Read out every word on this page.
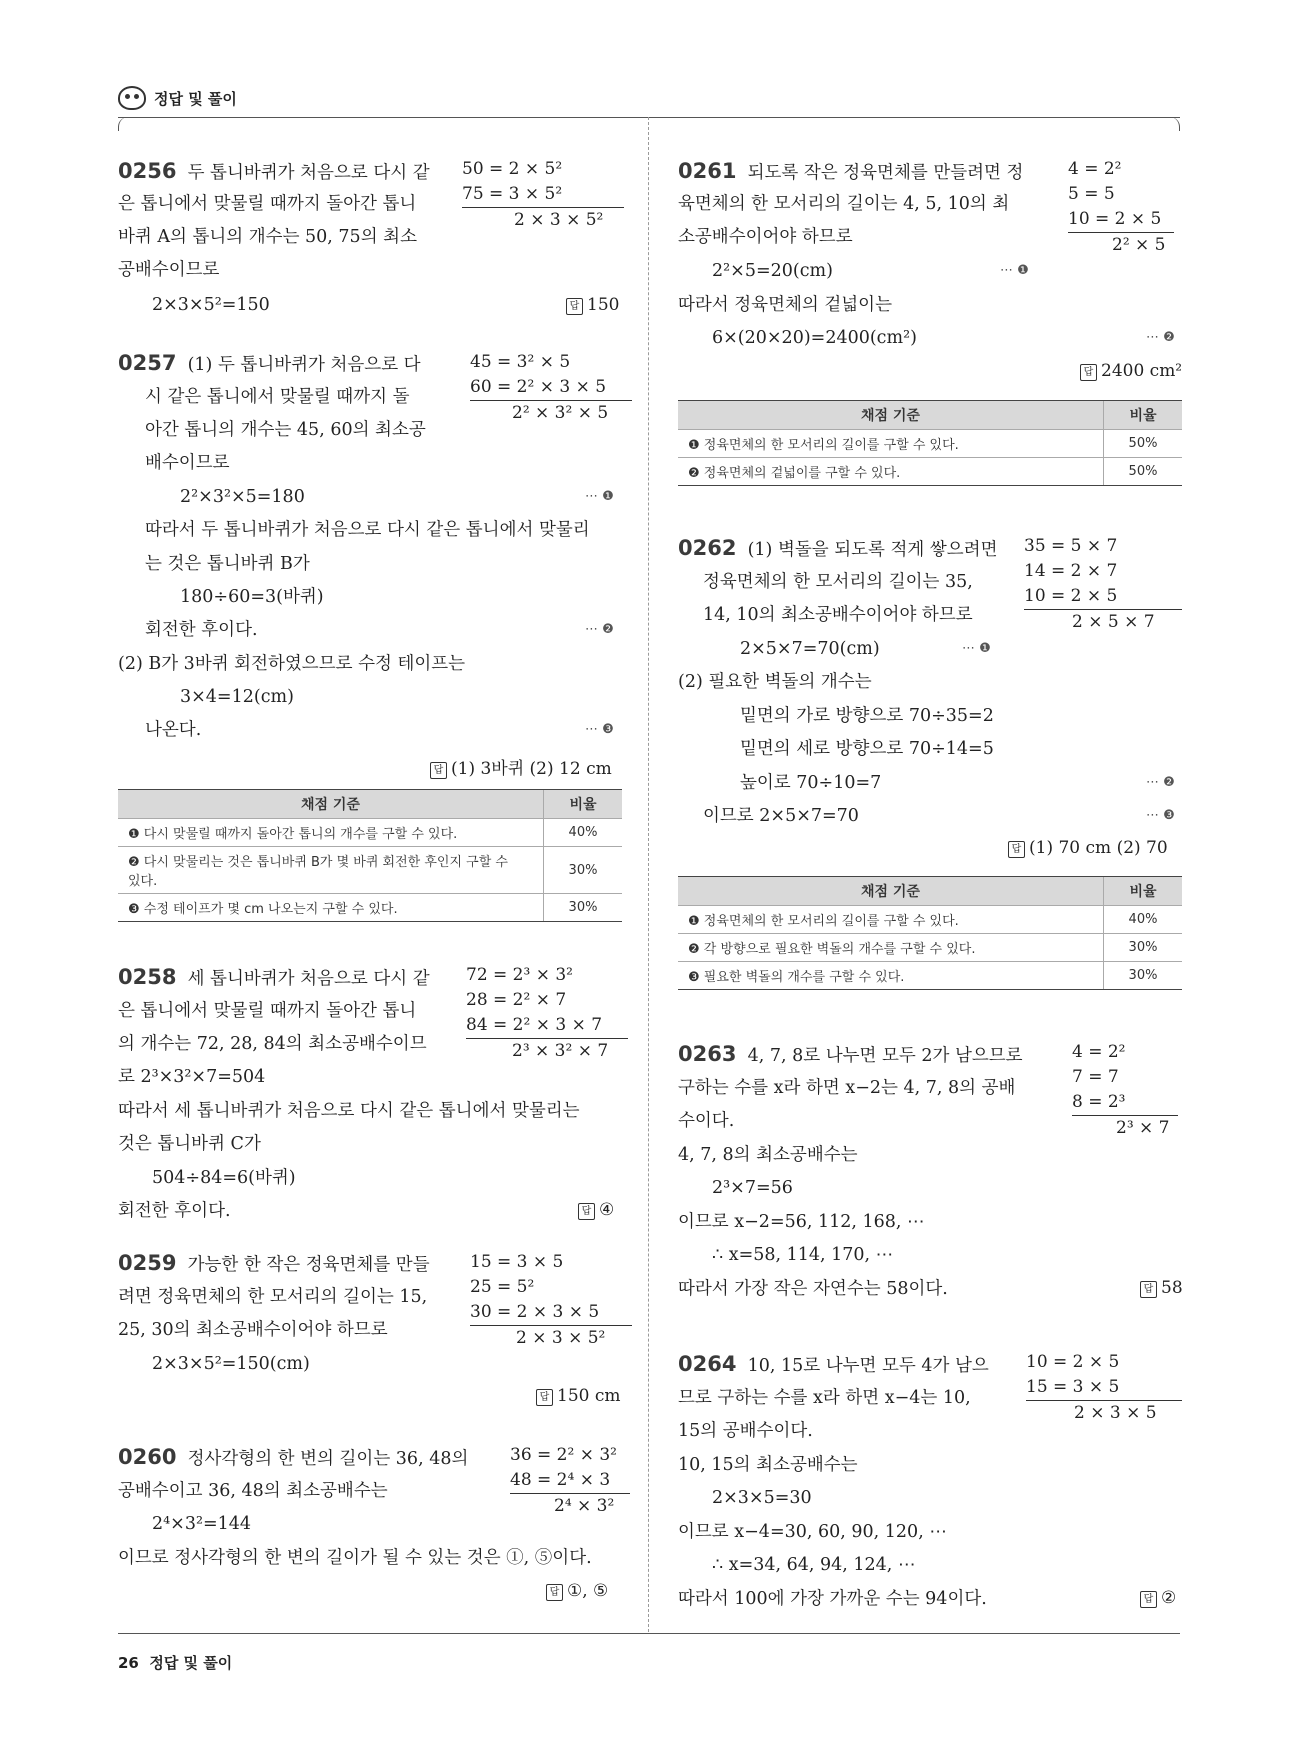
정답 및 풀이
0256 두 톱니바퀴가 처음으로 다시 같
은 톱니에서 맞물릴 때까지 돌아간 톱니
바퀴 A의 톱니의 개수는 50, 75의 최소
공배수이므로
2×3×5²=150	답 150
50 = 2 × 5²
75 = 3 × 5²
2 × 3 × 5²
0257 (1) 두 톱니바퀴가 처음으로 다
시 같은 톱니에서 맞물릴 때까지 돌
아간 톱니의 개수는 45, 60의 최소공
배수이므로
2²×3²×5=180	⋯ ❶
따라서 두 톱니바퀴가 처음으로 다시 같은 톱니에서 맞물리
는 것은 톱니바퀴 B가
180÷60=3(바퀴)
회전한 후이다.	⋯ ❷
(2) B가 3바퀴 회전하였으므로 수정 테이프는
3×4=12(cm)
나온다.	⋯ ❸
답 (1) 3바퀴 (2) 12 cm
45 = 3² × 5
60 = 2² × 3 × 5
2² × 3² × 5
채점 기준	비율
❶ 다시 맞물릴 때까지 돌아간 톱니의 개수를 구할 수 있다.	40%
❷ 다시 맞물리는 것은 톱니바퀴 B가 몇 바퀴 회전한 후인지 구할 수
있다.	30%
❸ 수정 테이프가 몇 cm 나오는지 구할 수 있다.	30%
0258 세 톱니바퀴가 처음으로 다시 같
은 톱니에서 맞물릴 때까지 돌아간 톱니
의 개수는 72, 28, 84의 최소공배수이므
로 2³×3²×7=504
따라서 세 톱니바퀴가 처음으로 다시 같은 톱니에서 맞물리는
것은 톱니바퀴 C가
504÷84=6(바퀴)
회전한 후이다.	답 ④
72 = 2³ × 3²
28 = 2² × 7
84 = 2² × 3 × 7
2³ × 3² × 7
0259 가능한 한 작은 정육면체를 만들
려면 정육면체의 한 모서리의 길이는 15,
25, 30의 최소공배수이어야 하므로
2×3×5²=150(cm)
답 150 cm
15 = 3 × 5
25 = 5²
30 = 2 × 3 × 5
2 × 3 × 5²
0260 정사각형의 한 변의 길이는 36, 48의
공배수이고 36, 48의 최소공배수는
2⁴×3²=144
이므로 정사각형의 한 변의 길이가 될 수 있는 것은 ①, ⑤이다.
답 ①, ⑤
36 = 2² × 3²
48 = 2⁴ × 3
2⁴ × 3²
0261 되도록 작은 정육면체를 만들려면 정
육면체의 한 모서리의 길이는 4, 5, 10의 최
소공배수이어야 하므로
2²×5=20(cm)	⋯ ❶
따라서 정육면체의 겉넓이는
6×(20×20)=2400(cm²)	⋯ ❷
답 2400 cm²
4 = 2²
5 = 5
10 = 2 × 5
2² × 5
채점 기준	비율
❶ 정육면체의 한 모서리의 길이를 구할 수 있다.	50%
❷ 정육면체의 겉넓이를 구할 수 있다.	50%
0262 (1) 벽돌을 되도록 적게 쌓으려면
정육면체의 한 모서리의 길이는 35,
14, 10의 최소공배수이어야 하므로
2×5×7=70(cm)	⋯ ❶
(2) 필요한 벽돌의 개수는
밑면의 가로 방향으로 70÷35=2
밑면의 세로 방향으로 70÷14=5
높이로 70÷10=7	⋯ ❷
이므로 2×5×7=70	⋯ ❸
답 (1) 70 cm (2) 70
35 = 5 × 7
14 = 2 × 7
10 = 2 × 5
2 × 5 × 7
채점 기준	비율
❶ 정육면체의 한 모서리의 길이를 구할 수 있다.	40%
❷ 각 방향으로 필요한 벽돌의 개수를 구할 수 있다.	30%
❸ 필요한 벽돌의 개수를 구할 수 있다.	30%
0263 4, 7, 8로 나누면 모두 2가 남으므로
구하는 수를 x라 하면 x−2는 4, 7, 8의 공배
수이다.
4, 7, 8의 최소공배수는
2³×7=56
이므로 x−2=56, 112, 168, ⋯
∴ x=58, 114, 170, ⋯
따라서 가장 작은 자연수는 58이다.	답 58
4 = 2²
7 = 7
8 = 2³
2³ × 7
0264 10, 15로 나누면 모두 4가 남으
므로 구하는 수를 x라 하면 x−4는 10,
15의 공배수이다.
10, 15의 최소공배수는
2×3×5=30
이므로 x−4=30, 60, 90, 120, ⋯
∴ x=34, 64, 94, 124, ⋯
따라서 100에 가장 가까운 수는 94이다.	답 ②
10 = 2 × 5
15 = 3 × 5
2 × 3 × 5
26 정답 및 풀이
